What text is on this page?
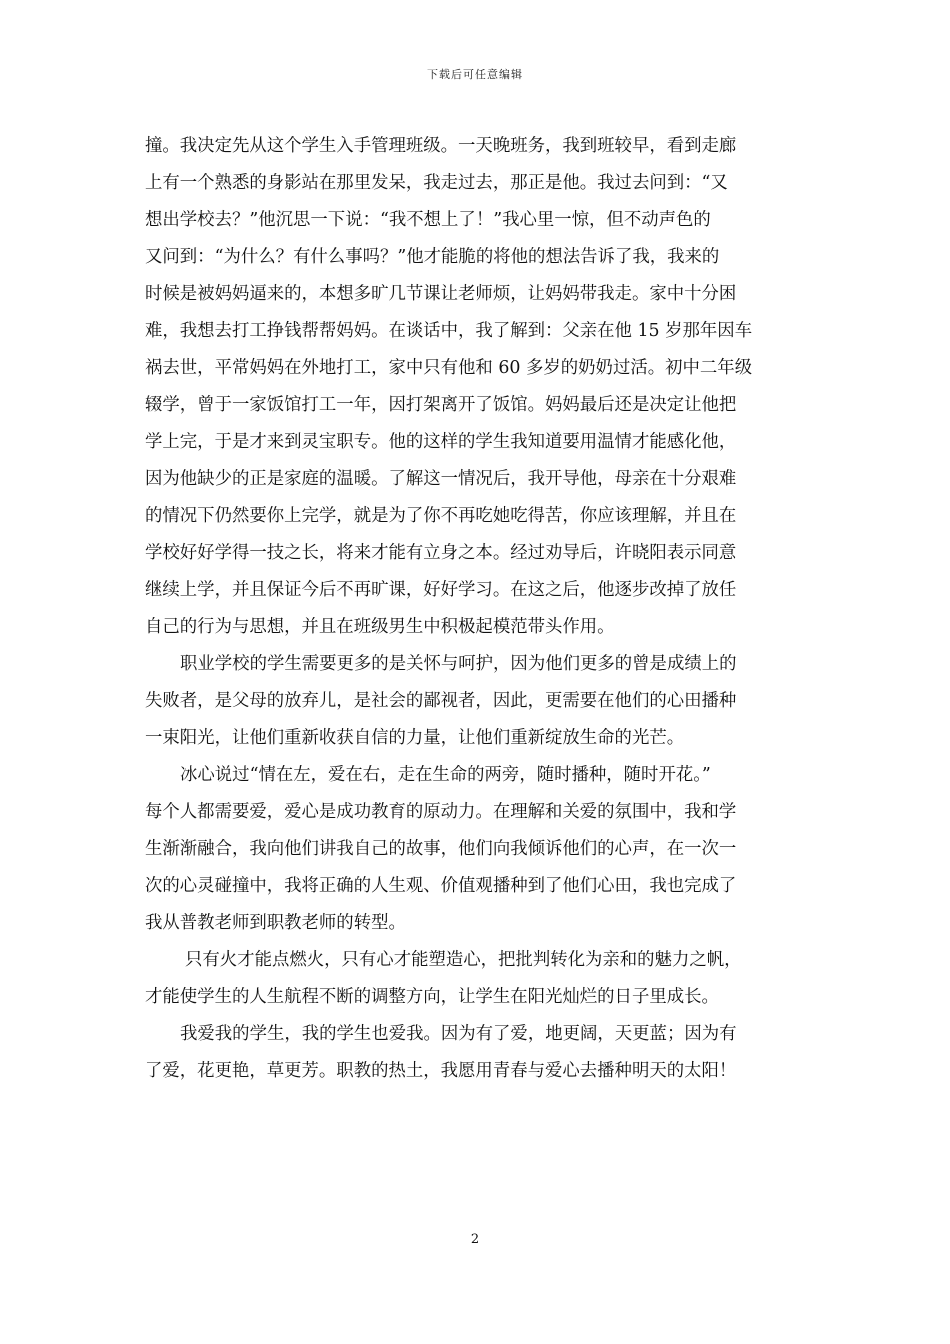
下载后可任意编辑

撞。我决定先从这个学生入手管理班级。一天晚班务，我到班较早，看到走廊
上有一个熟悉的身影站在那里发呆，我走过去，那正是他。我过去问到：“又
想出学校去？”他沉思一下说：“我不想上了！”我心里一惊，但不动声色的
又问到：“为什么？有什么事吗？”他才能脆的将他的想法告诉了我，我来的
时候是被妈妈逼来的，本想多旷几节课让老师烦，让妈妈带我走。家中十分困
难，我想去打工挣钱帮帮妈妈。在谈话中，我了解到：父亲在他 15 岁那年因车
祸去世，平常妈妈在外地打工，家中只有他和 60 多岁的奶奶过活。初中二年级
辍学，曾于一家饭馆打工一年，因打架离开了饭馆。妈妈最后还是决定让他把
学上完，于是才来到灵宝职专。他的这样的学生我知道要用温情才能感化他，
因为他缺少的正是家庭的温暖。了解这一情况后，我开导他，母亲在十分艰难
的情况下仍然要你上完学，就是为了你不再吃她吃得苦，你应该理解，并且在
学校好好学得一技之长，将来才能有立身之本。经过劝导后，许晓阳表示同意
继续上学，并且保证今后不再旷课，好好学习。在这之后，他逐步改掉了放任
自己的行为与思想，并且在班级男生中积极起模范带头作用。

职业学校的学生需要更多的是关怀与呵护，因为他们更多的曾是成绩上的
失败者，是父母的放弃儿，是社会的鄙视者，因此，更需要在他们的心田播种
一束阳光，让他们重新收获自信的力量，让他们重新绽放生命的光芒。

冰心说过“情在左，爱在右，走在生命的两旁，随时播种，随时开花。”
每个人都需要爱，爱心是成功教育的原动力。在理解和关爱的氛围中，我和学
生渐渐融合，我向他们讲我自己的故事，他们向我倾诉他们的心声，在一次一
次的心灵碰撞中，我将正确的人生观、价值观播种到了他们心田，我也完成了
我从普教老师到职教老师的转型。

只有火才能点燃火，只有心才能塑造心，把批判转化为亲和的魅力之帆，
才能使学生的人生航程不断的调整方向，让学生在阳光灿烂的日子里成长。

我爱我的学生，我的学生也爱我。因为有了爱，地更阔，天更蓝；因为有
了爱，花更艳，草更芳。职教的热土，我愿用青春与爱心去播种明天的太阳！

2
